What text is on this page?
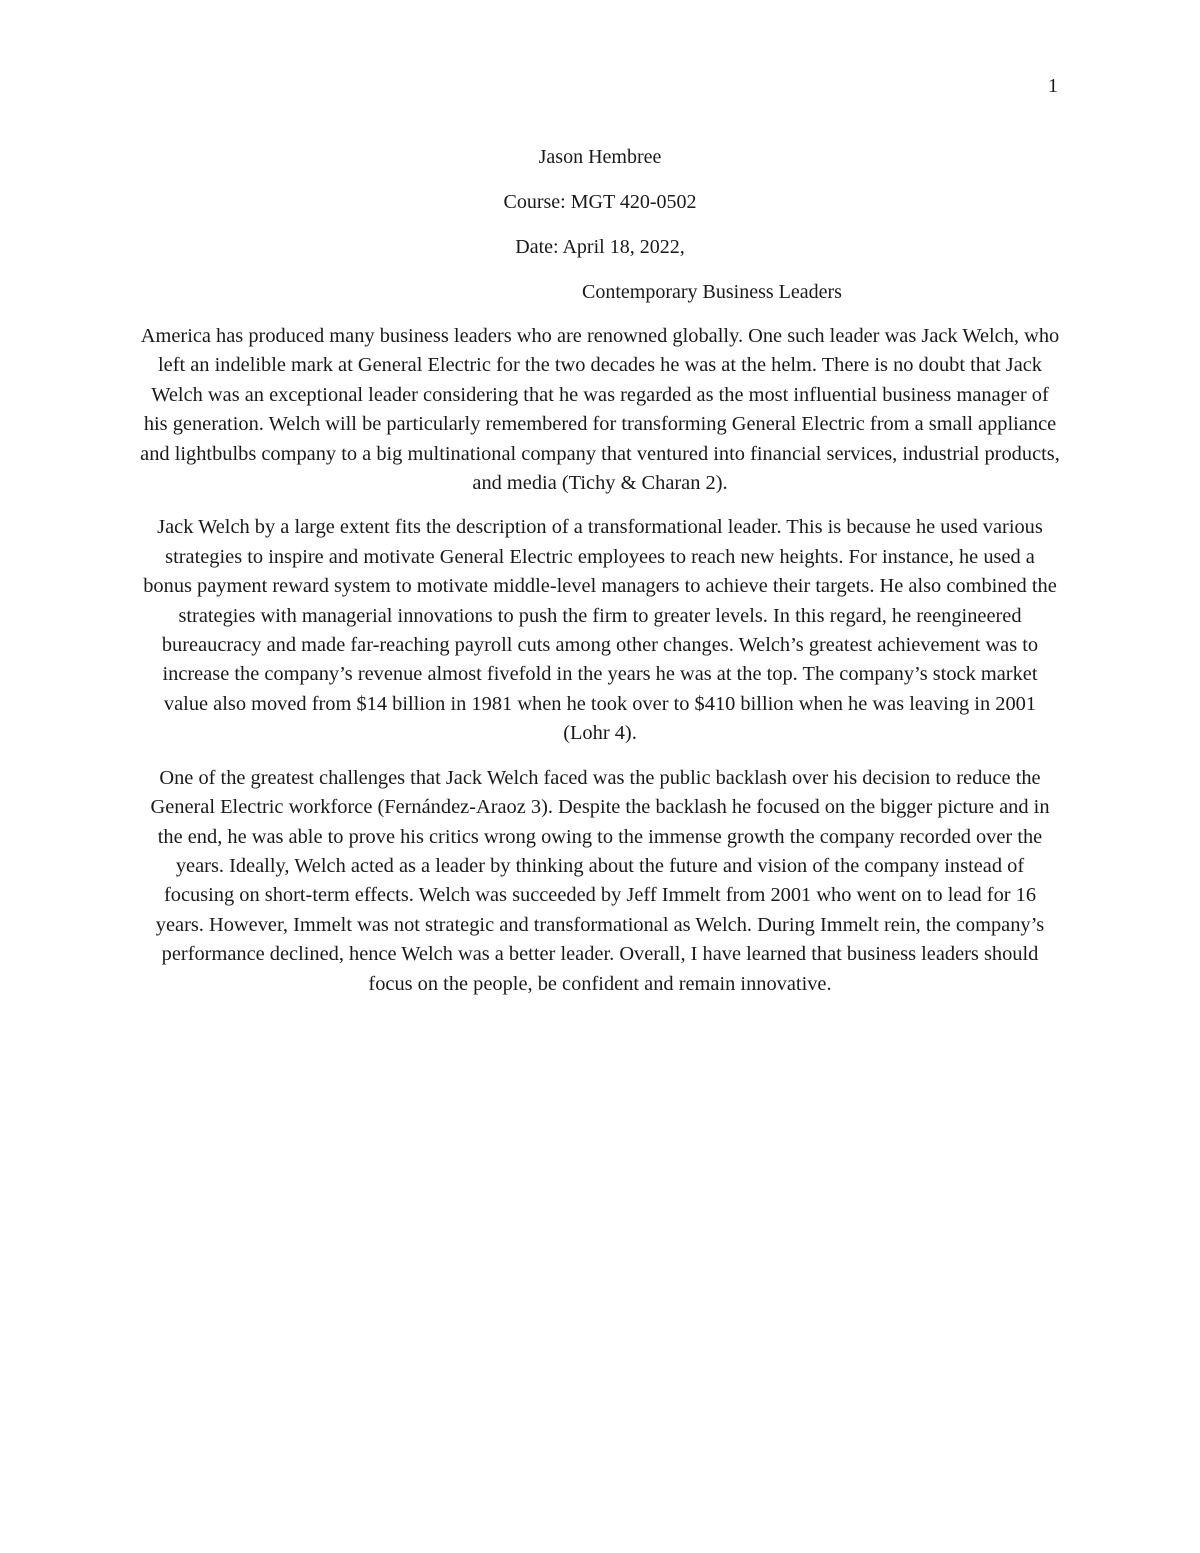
1
Jason Hembree
Course: MGT 420-0502
Date: April 18, 2022,
Contemporary Business Leaders

America has produced many business leaders who are renowned globally. One such leader was Jack Welch, who left an indelible mark at General Electric for the two decades he was at the helm. There is no doubt that Jack Welch was an exceptional leader considering that he was regarded as the most influential business manager of his generation. Welch will be particularly remembered for transforming General Electric from a small appliance and lightbulbs company to a big multinational company that ventured into financial services, industrial products, and media (Tichy & Charan 2).

Jack Welch by a large extent fits the description of a transformational leader. This is because he used various strategies to inspire and motivate General Electric employees to reach new heights. For instance, he used a bonus payment reward system to motivate middle-level managers to achieve their targets. He also combined the strategies with managerial innovations to push the firm to greater levels. In this regard, he reengineered bureaucracy and made far-reaching payroll cuts among other changes. Welch’s greatest achievement was to increase the company’s revenue almost fivefold in the years he was at the top. The company’s stock market value also moved from $14 billion in 1981 when he took over to $410 billion when he was leaving in 2001 (Lohr 4).

One of the greatest challenges that Jack Welch faced was the public backlash over his decision to reduce the General Electric workforce (Fernández-Araoz 3). Despite the backlash he focused on the bigger picture and in the end, he was able to prove his critics wrong owing to the immense growth the company recorded over the years. Ideally, Welch acted as a leader by thinking about the future and vision of the company instead of focusing on short-term effects. Welch was succeeded by Jeff Immelt from 2001 who went on to lead for 16 years. However, Immelt was not strategic and transformational as Welch. During Immelt rein, the company’s performance declined, hence Welch was a better leader. Overall, I have learned that business leaders should focus on the people, be confident and remain innovative.
